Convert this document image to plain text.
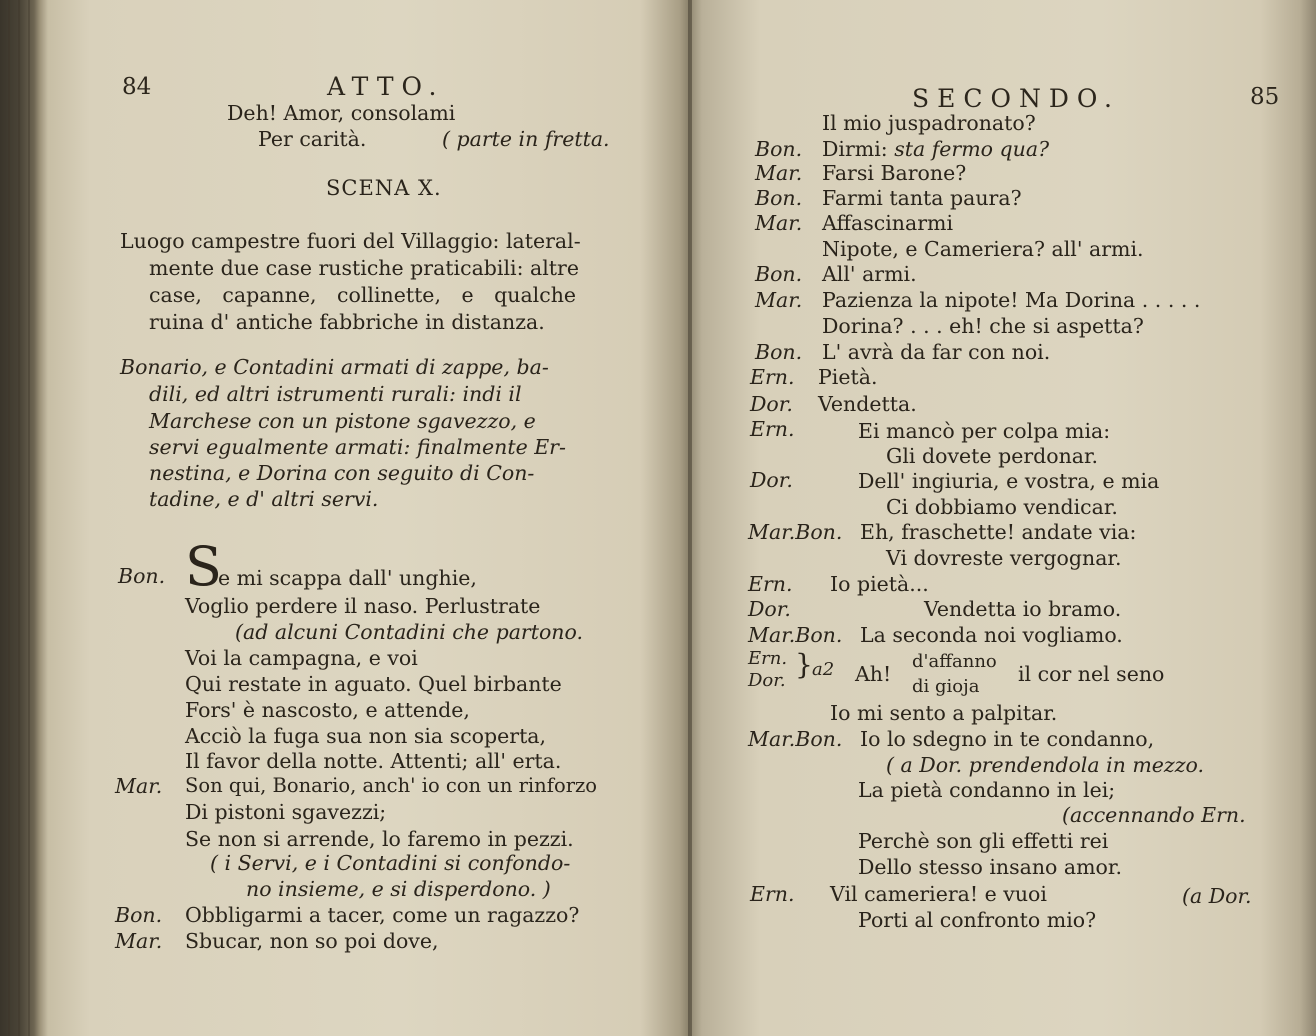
84	ATTO.
Deh! Amor, consolami
Per carità.	( parte in fretta.
SCENA X.
Luogo campestre fuori del Villaggio: lateral-
mente due case rustiche praticabili: altre
case, capanne, collinette, e qualche
ruina d' antiche fabbriche in distanza.
Bonario, e Contadini armati di zappe, ba-
dili, ed altri istrumenti rurali: indi il
Marchese con un pistone sgavezzo, e
servi egualmente armati: finalmente Er-
nestina, e Dorina con seguito di Con-
tadine, e d' altri servi.
Bon. S
e mi scappa dall' unghie,
Voglio perdere il naso. Perlustrate
(ad alcuni Contadini che partono.
Voi la campagna, e voi
Qui restate in aguato. Quel birbante
Fors' è nascosto, e attende,
Acciò la fuga sua non sia scoperta,
Il favor della notte. Attenti; all' erta.
Mar. Son qui, Bonario, anch' io con un rinforzo
Di pistoni sgavezzi;
Se non si arrende, lo faremo in pezzi.
( i Servi, e i Contadini si confondo-
no insieme, e si disperdono. )
Bon. Obbligarmi a tacer, come un ragazzo?
Mar. Sbucar, non so poi dove,
SECONDO.	85
Il mio juspadronato?
Bon. Dirmi: sta fermo qua?
Mar. Farsi Barone?
Bon. Farmi tanta paura?
Mar. Affascinarmi
Nipote, e Cameriera? all' armi.
Bon. All' armi.
Mar. Pazienza la nipote! Ma Dorina . . . . .
Dorina? . . . eh! che si aspetta?
Bon. L' avrà da far con noi.
Ern. Pietà.
Dor. Vendetta.
Ern.	Ei mancò per colpa mia:
Gli dovete perdonar.
Dor.	Dell' ingiuria, e vostra, e mia
Ci dobbiamo vendicar.
Mar.Bon. Eh, fraschette! andate via:
Vi dovreste vergognar.
Ern. Io pietà...
Dor.	Vendetta io bramo.
Mar.Bon. La seconda noi vogliamo.
Ern.
Dor. } a2 Ah!
d'affanno
di gioja
il cor nel seno
Io mi sento a palpitar.
Mar.Bon. Io lo sdegno in te condanno,
( a Dor. prendendola in mezzo.
La pietà condanno in lei;
(accennando Ern.
Perchè son gli effetti rei
Dello stesso insano amor.
Ern. Vil cameriera! e vuoi	(a Dor.
Porti al confronto mio?
